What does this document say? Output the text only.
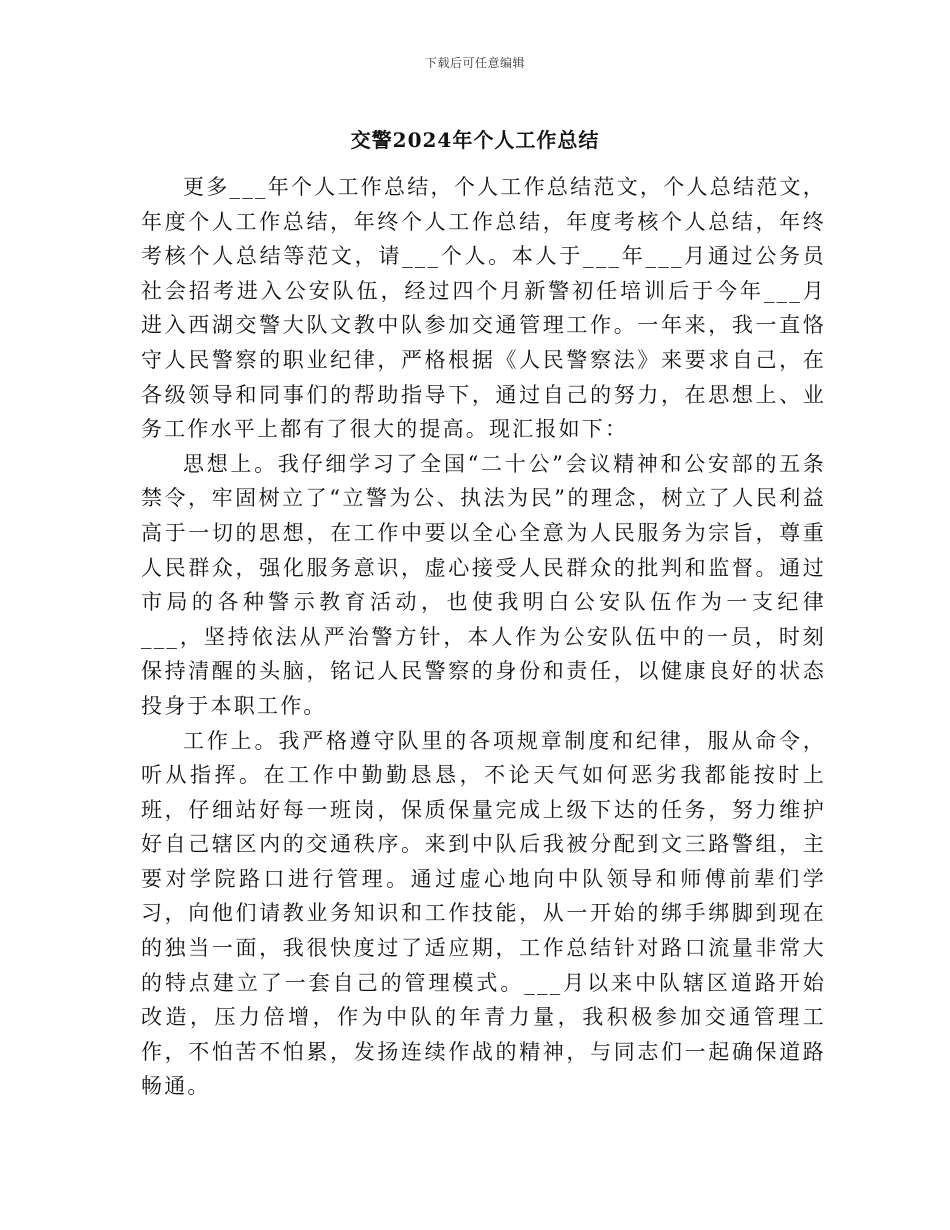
下载后可任意编辑
交警2024年个人工作总结

更多___年个人工作总结，个人工作总结范文，个人总结范文，年度个人工作总结，年终个人工作总结，年度考核个人总结，年终考核个人总结等范文，请___个人。本人于___年___月通过公务员社会招考进入公安队伍，经过四个月新警初任培训后于今年___月进入西湖交警大队文教中队参加交通管理工作。一年来，我一直恪守人民警察的职业纪律，严格根据《人民警察法》来要求自己，在各级领导和同事们的帮助指导下，通过自己的努力，在思想上、业务工作水平上都有了很大的提高。现汇报如下：

思想上。我仔细学习了全国“二十公”会议精神和公安部的五条禁令，牢固树立了“立警为公、执法为民”的理念，树立了人民利益高于一切的思想，在工作中要以全心全意为人民服务为宗旨，尊重人民群众，强化服务意识，虚心接受人民群众的批判和监督。通过市局的各种警示教育活动，也使我明白公安队伍作为一支纪律___，坚持依法从严治警方针，本人作为公安队伍中的一员，时刻保持清醒的头脑，铭记人民警察的身份和责任，以健康良好的状态投身于本职工作。

工作上。我严格遵守队里的各项规章制度和纪律，服从命令，听从指挥。在工作中勤勤恳恳，不论天气如何恶劣我都能按时上班，仔细站好每一班岗，保质保量完成上级下达的任务，努力维护好自己辖区内的交通秩序。来到中队后我被分配到文三路警组，主要对学院路口进行管理。通过虚心地向中队领导和师傅前辈们学习，向他们请教业务知识和工作技能，从一开始的绑手绑脚到现在的独当一面，我很快度过了适应期，工作总结针对路口流量非常大的特点建立了一套自己的管理模式。___月以来中队辖区道路开始改造，压力倍增，作为中队的年青力量，我积极参加交通管理工作，不怕苦不怕累，发扬连续作战的精神，与同志们一起确保道路畅通。
